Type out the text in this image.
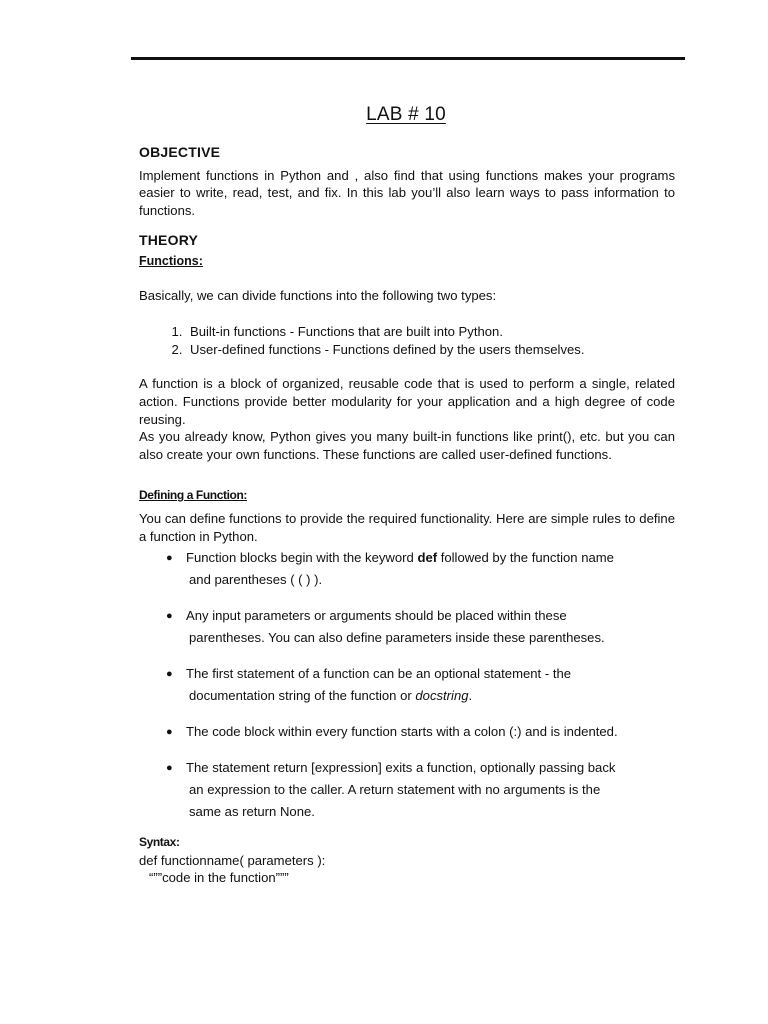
LAB # 10

OBJECTIVE

Implement functions in Python and , also find that using functions makes your programs easier to write, read, test, and fix. In this lab you’ll also learn ways to pass information to functions.

THEORY

Functions:

Basically, we can divide functions into the following two types:

1. Built-in functions - Functions that are built into Python.
2. User-defined functions - Functions defined by the users themselves.

A function is a block of organized, reusable code that is used to perform a single, related action. Functions provide better modularity for your application and a high degree of code reusing.

As you already know, Python gives you many built-in functions like print(), etc. but you can also create your own functions. These functions are called user-defined functions.

Defining a Function:

You can define functions to provide the required functionality. Here are simple rules to define a function in Python.

● Function blocks begin with the keyword def followed by the function name
and parentheses ( ( ) ).
● Any input parameters or arguments should be placed within these
parentheses. You can also define parameters inside these parentheses.
● The first statement of a function can be an optional statement - the
documentation string of the function or docstring.
● The code block within every function starts with a colon (:) and is indented.
● The statement return [expression] exits a function, optionally passing back
an expression to the caller. A return statement with no arguments is the
same as return None.

Syntax:

def functionname( parameters ):

“””code in the function”””
